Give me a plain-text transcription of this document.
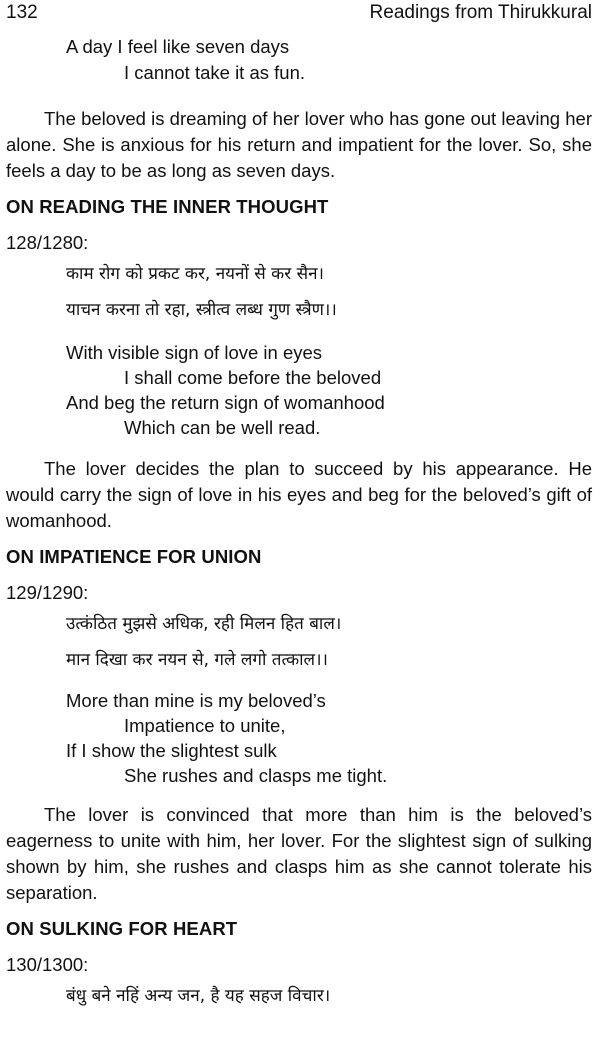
132	Readings from Thirukkural
A day I feel like seven days
I cannot take it as fun.

The beloved is dreaming of her lover who has gone out leaving her alone. She is anxious for his return and impatient for the lover. So, she feels a day to be as long as seven days.

ON READING THE INNER THOUGHT
128/1280:
काम रोग को प्रकट कर, नयनों से कर सैन।
याचन करना तो रहा, स्त्रीत्व लब्ध गुण स्त्रैण।।
With visible sign of love in eyes
I shall come before the beloved
And beg the return sign of womanhood
Which can be well read.

The lover decides the plan to succeed by his appearance. He would carry the sign of love in his eyes and beg for the beloved’s gift of womanhood.

ON IMPATIENCE FOR UNION
129/1290:
उत्कंठित मुझसे अधिक, रही मिलन हित बाल।
मान दिखा कर नयन से, गले लगो तत्काल।।
More than mine is my beloved’s
Impatience to unite,
If I show the slightest sulk
She rushes and clasps me tight.

The lover is convinced that more than him is the beloved’s eagerness to unite with him, her lover. For the slightest sign of sulking shown by him, she rushes and clasps him as she cannot tolerate his separation.

ON SULKING FOR HEART
130/1300:
बंधु बने नहिं अन्य जन, है यह सहज विचार।
